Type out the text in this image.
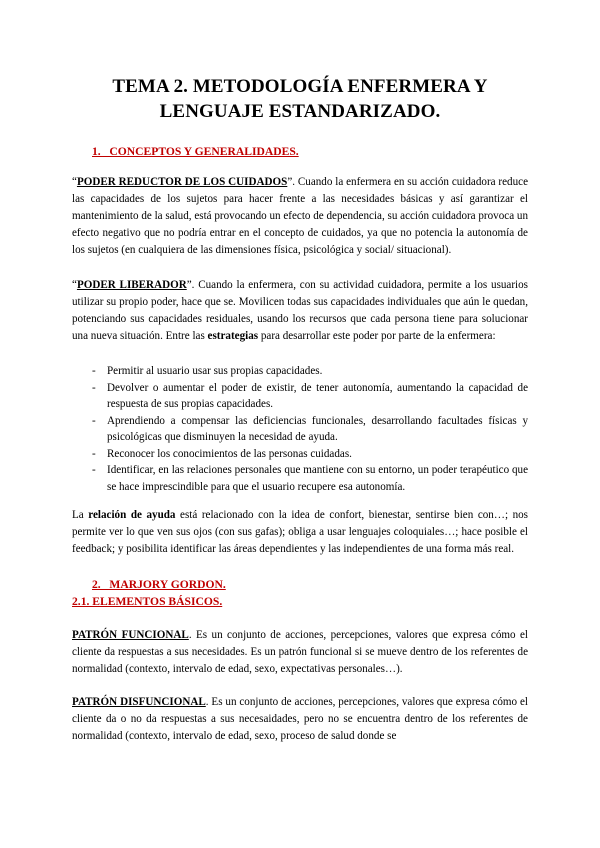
TEMA 2. METODOLOGÍA ENFERMERA Y
LENGUAJE ESTANDARIZADO.
1.   CONCEPTOS Y GENERALIDADES.

“PODER REDUCTOR DE LOS CUIDADOS”. Cuando la enfermera en su acción cuidadora reduce las capacidades de los sujetos para hacer frente a las necesidades básicas y así garantizar el mantenimiento de la salud, está provocando un efecto de dependencia, su acción cuidadora provoca un efecto negativo que no podría entrar en el concepto de cuidados, ya que no potencia la autonomía de los sujetos (en cualquiera de las dimensiones física, psicológica y social/ situacional).

“PODER LIBERADOR”. Cuando la enfermera, con su actividad cuidadora, permite a los usuarios utilizar su propio poder, hace que se. Movilicen todas sus capacidades individuales que aún le quedan, potenciando sus capacidades residuales, usando los recursos que cada persona tiene para solucionar una nueva situación. Entre las estrategias para desarrollar este poder por parte de la enfermera:

- Permitir al usuario usar sus propias capacidades.
- Devolver o aumentar el poder de existir, de tener autonomía, aumentando la capacidad de respuesta de sus propias capacidades.
- Aprendiendo a compensar las deficiencias funcionales, desarrollando facultades físicas y psicológicas que disminuyen la necesidad de ayuda.
- Reconocer los conocimientos de las personas cuidadas.
- Identificar, en las relaciones personales que mantiene con su entorno, un poder terapéutico que se hace imprescindible para que el usuario recupere esa autonomía.

La relación de ayuda está relacionado con la idea de confort, bienestar, sentirse bien con…; nos permite ver lo que ven sus ojos (con sus gafas); obliga a usar lenguajes coloquiales…; hace posible el feedback; y posibilita identificar las áreas dependientes y las independientes de una forma más real.

2.   MARJORY GORDON.
2.1. ELEMENTOS BÁSICOS.

PATRÓN FUNCIONAL. Es un conjunto de acciones, percepciones, valores que expresa cómo el cliente da respuestas a sus necesidades. Es un patrón funcional si se mueve dentro de los referentes de normalidad (contexto, intervalo de edad, sexo, expectativas personales…).

PATRÓN DISFUNCIONAL. Es un conjunto de acciones, percepciones, valores que expresa cómo el cliente da o no da respuestas a sus necesaidades, pero no se encuentra dentro de los referentes de normalidad (contexto, intervalo de edad, sexo, proceso de salud donde se
